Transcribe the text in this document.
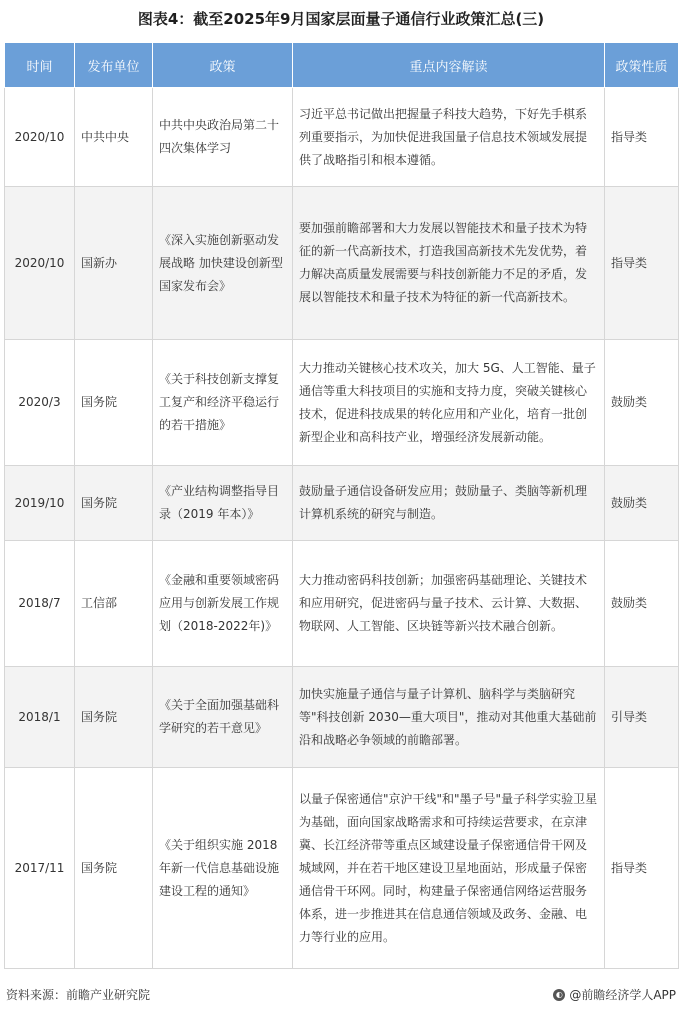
图表4：截至2025年9月国家层面量子通信行业政策汇总(三)
时间	发布单位	政策	重点内容解读	政策性质
2020/10	中共中央	中共中央政治局第二十四次集体学习	习近平总书记做出把握量子科技大趋势，下好先手棋系列重要指示，为加快促进我国量子信息技术领域发展提供了战略指引和根本遵循。	指导类
2020/10	国新办	《深入实施创新驱动发展战略 加快建设创新型国家发布会》	要加强前瞻部署和大力发展以智能技术和量子技术为特征的新一代高新技术，打造我国高新技术先发优势，着力解决高质量发展需要与科技创新能力不足的矛盾，发展以智能技术和量子技术为特征的新一代高新技术。	指导类
2020/3	国务院	《关于科技创新支撑复工复产和经济平稳运行的若干措施》	大力推动关键核心技术攻关，加大 5G、人工智能、量子通信等重大科技项目的实施和支持力度，突破关键核心技术，促进科技成果的转化应用和产业化，培育一批创新型企业和高科技产业，增强经济发展新动能。	鼓励类
2019/10	国务院	《产业结构调整指导目录（2019 年本）》	鼓励量子通信设备研发应用；鼓励量子、类脑等新机理计算机系统的研究与制造。	鼓励类
2018/7	工信部	《金融和重要领域密码应用与创新发展工作规划（2018-2022年)》	大力推动密码科技创新；加强密码基础理论、关键技术和应用研究，促进密码与量子技术、云计算、大数据、物联网、人工智能、区块链等新兴技术融合创新。	鼓励类
2018/1	国务院	《关于全面加强基础科学研究的若干意见》	加快实施量子通信与量子计算机、脑科学与类脑研究等"科技创新 2030—重大项目"，推动对其他重大基础前沿和战略必争领域的前瞻部署。	引导类
2017/11	国务院	《关于组织实施 2018 年新一代信息基础设施建设工程的通知》	以量子保密通信"京沪干线"和"墨子号"量子科学实验卫星为基础，面向国家战略需求和可持续运营要求，在京津冀、长江经济带等重点区域建设量子保密通信骨干网及城域网，并在若干地区建设卫星地面站，形成量子保密通信骨干环网。同时，构建量子保密通信网络运营服务体系，进一步推进其在信息通信领域及政务、金融、电力等行业的应用。	指导类
资料来源：前瞻产业研究院	◐ @前瞻经济学人APP
